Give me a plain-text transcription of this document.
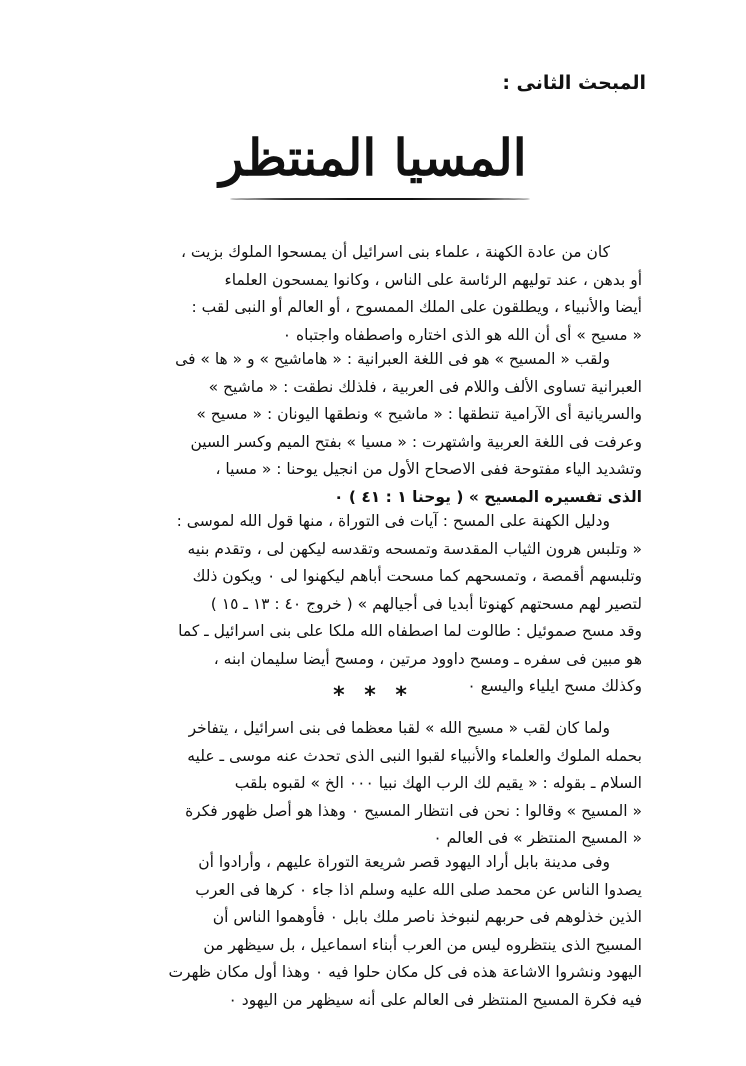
المبحث الثانى :
المسيا المنتظر
كان من عادة الكهنة ، علماء بنى اسرائيل أن يمسحوا الملوك بزيت ،
أو بدهن ، عند توليهم الرئاسة على الناس ، وكانوا يمسحون العلماء
أيضا والأنبياء ، ويطلقون على الملك الممسوح ، أو العالم أو النبى لقب :
« مسيح » أى أن الله هو الذى اختاره واصطفاه واجتباه ٠
ولقب « المسيح » هو فى اللغة العبرانية : « هاماشيح » و « ها » فى
العبرانية تساوى الألف واللام فى العربية ، فلذلك نطقت : « ماشيح »
والسريانية أى الآرامية تنطقها : « ماشيح » ونطقها اليونان : « مسيح »
وعرفت فى اللغة العربية واشتهرت : « مسيا » بفتح الميم وكسر السين
وتشديد الياء مفتوحة ففى الاصحاح الأول من انجيل يوحنا : « مسيا ،
الذى تفسيره المسيح » ( يوحنا ١ : ٤١ ) ٠
ودليل الكهنة على المسح : آيات فى التوراة ، منها قول الله لموسى :
« وتلبس هرون الثياب المقدسة وتمسحه وتقدسه ليكهن لى ، وتقدم بنيه
وتلبسهم أقمصة ، وتمسحهم كما مسحت أباهم ليكهنوا لى ٠ ويكون ذلك
لتصير لهم مسحتهم كهنوتا أبديا فى أجيالهم » ( خروج ٤٠ : ١٣ ـ ١٥ )
وقد مسح صموئيل : طالوت لما اصطفاه الله ملكا على بنى اسرائيل ـ كما
هو مبين فى سفره ـ ومسح داوود مرتين ، ومسح أيضا سليمان ابنه ،
وكذلك مسح ايلياء واليسع ٠
* * *
ولما كان لقب « مسيح الله » لقبا معظما فى بنى اسرائيل ، يتفاخر
بحمله الملوك والعلماء والأنبياء لقبوا النبى الذى تحدث عنه موسى ـ عليه
السلام ـ بقوله : « يقيم لك الرب الهك نبيا ٠٠٠ الخ » لقبوه بلقب
« المسيح » وقالوا : نحن فى انتظار المسيح ٠ وهذا هو أصل ظهور فكرة
« المسيح المنتظر » فى العالم ٠
وفى مدينة بابل أراد اليهود قصر شريعة التوراة عليهم ، وأرادوا أن
يصدوا الناس عن محمد صلى الله عليه وسلم اذا جاء ٠ كرها فى العرب
الذين خذلوهم فى حربهم لنبوخذ ناصر ملك بابل ٠ فأوهموا الناس أن
المسيح الذى ينتظروه ليس من العرب أبناء اسماعيل ، بل سيظهر من
اليهود ونشروا الاشاعة هذه فى كل مكان حلوا فيه ٠ وهذا أول مكان ظهرت
فيه فكرة المسيح المنتظر فى العالم على أنه سيظهر من اليهود ٠
